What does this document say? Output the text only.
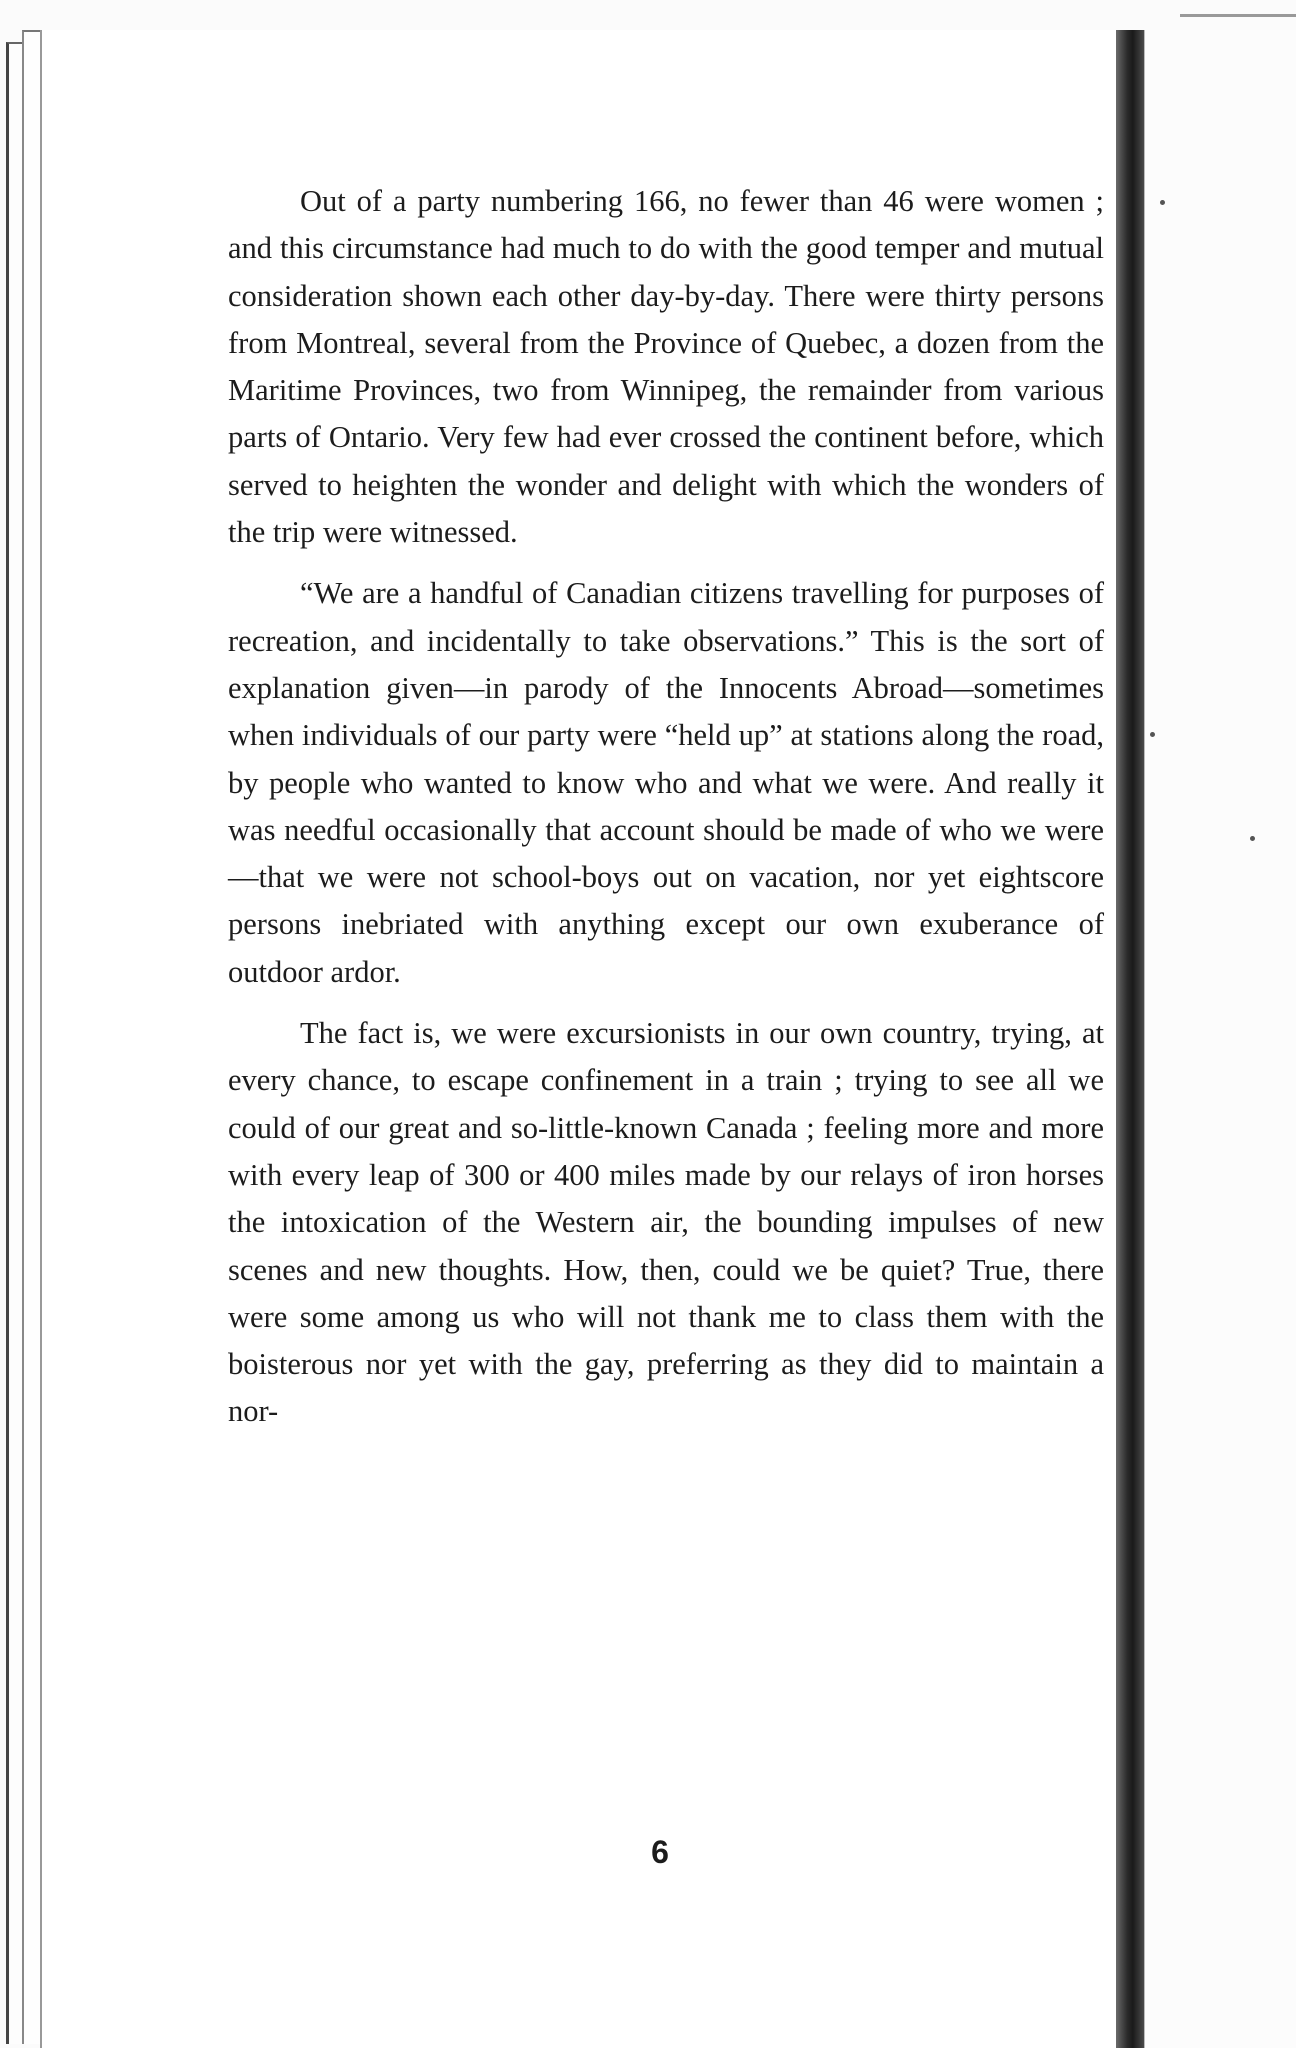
Out of a party numbering 166, no fewer than 46 were women ; and this circumstance had much to do with the good temper and mutual consideration shown each other day-by-day. There were thirty persons from Montreal, several from the Province of Quebec, a dozen from the Maritime Provinces, two from Winnipeg, the remainder from various parts of Ontario. Very few had ever crossed the continent before, which served to heighten the wonder and delight with which the wonders of the trip were witnessed.

“We are a handful of Canadian citizens travelling for purposes of recreation, and incidentally to take observations.” This is the sort of explanation given—in parody of the Innocents Abroad—sometimes when individuals of our party were “held up” at stations along the road, by people who wanted to know who and what we were. And really it was needful occasionally that account should be made of who we were—that we were not school-boys out on vacation, nor yet eightscore persons inebriated with anything except our own exuberance of outdoor ardor.

The fact is, we were excursionists in our own country, trying, at every chance, to escape confinement in a train ; trying to see all we could of our great and so-little-known Canada ; feeling more and more with every leap of 300 or 400 miles made by our relays of iron horses the intoxication of the Western air, the bounding impulses of new scenes and new thoughts. How, then, could we be quiet? True, there were some among us who will not thank me to class them with the boisterous nor yet with the gay, preferring as they did to maintain a nor-

6
